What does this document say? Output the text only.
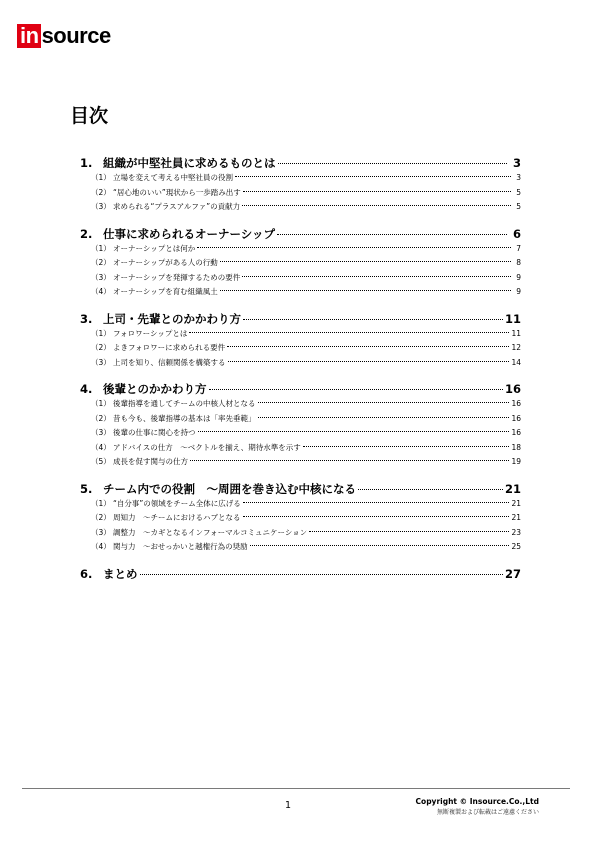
in source
目次
1. 組織が中堅社員に求めるものとは	3
（1） 立場を変えて考える中堅社員の役割	3
（2） “居心地のいい”現状から一歩踏み出す	5
（3） 求められる“プラスアルファ”の貢献力	5
2. 仕事に求められるオーナーシップ	6
（1） オーナーシップとは何か	7
（2） オーナーシップがある人の行動	8
（3） オーナーシップを発揮するための要件	9
（4） オーナーシップを育む組織風土	9
3. 上司・先輩とのかかわり方	11
（1） フォロワーシップとは	11
（2） よきフォロワーに求められる要件	12
（3） 上司を知り、信頼関係を構築する	14
4. 後輩とのかかわり方	16
（1） 後輩指導を通してチームの中核人材となる	16
（2） 昔も今も、後輩指導の基本は「率先垂範」	16
（3） 後輩の仕事に関心を持つ	16
（4） アドバイスの仕方　～ベクトルを揃え、期待水準を示す	18
（5） 成長を促す関与の仕方	19
5. チーム内での役割　～周囲を巻き込む中核になる	21
（1） “自分事”の領域をチーム全体に広げる	21
（2） 周知力　～チームにおけるハブとなる	21
（3） 調整力　～カギとなるインフォーマルコミュニケーション	23
（4） 関与力　～おせっかいと越権行為の奨励	25
6. まとめ	27
1	Copyright © Insource.Co.,Ltd
無断複製および転載はご遠慮ください
